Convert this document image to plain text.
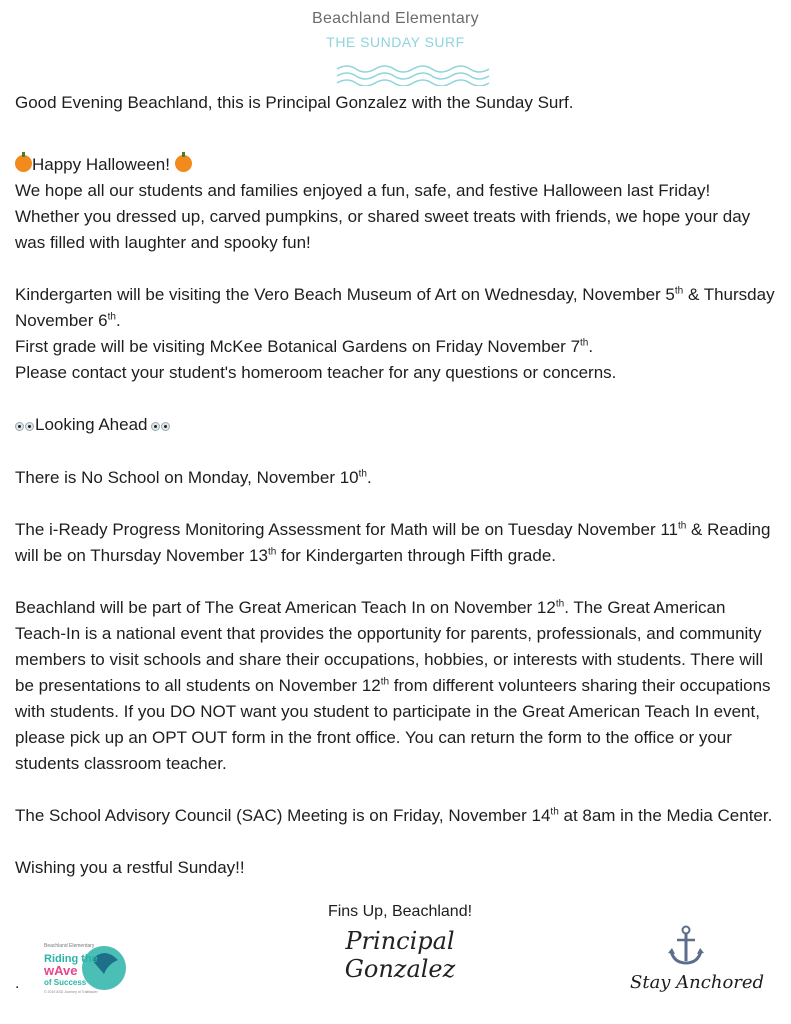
Beachland Elementary
THE SUNDAY SURF

Good Evening Beachland, this is Principal Gonzalez with the Sunday Surf.

Happy Halloween!

We hope all our students and families enjoyed a fun, safe, and festive Halloween last Friday! Whether you dressed up, carved pumpkins, or shared sweet treats with friends, we hope your day was filled with laughter and spooky fun!

Kindergarten will be visiting the Vero Beach Museum of Art on Wednesday, November 5th & Thursday November 6th.

First grade will be visiting McKee Botanical Gardens on Friday November 7th.

Please contact your student's homeroom teacher for any questions or concerns.

Looking Ahead

There is No School on Monday, November 10th.

The i-Ready Progress Monitoring Assessment for Math will be on Tuesday November 11th & Reading will be on Thursday November 13th for Kindergarten through Fifth grade.

Beachland will be part of The Great American Teach In on November 12th. The Great American Teach-In is a national event that provides the opportunity for parents, professionals, and community members to visit schools and share their occupations, hobbies, or interests with students. There will be presentations to all students on November 12th from different volunteers sharing their occupations with students. If you DO NOT want you student to participate in the Great American Teach In event, please pick up an OPT OUT form in the front office. You can return the form to the office or your students classroom teacher.

The School Advisory Council (SAC) Meeting is on Friday, November 14th at 8am in the Media Center.

Wishing you a restful Sunday!!

Fins Up, Beachland!
Principal Gonzalez
Beachland Elementary
Riding the
wAve
of Success
© 2019 ASD Journey of Trailblazer
.	Stay Anchored
